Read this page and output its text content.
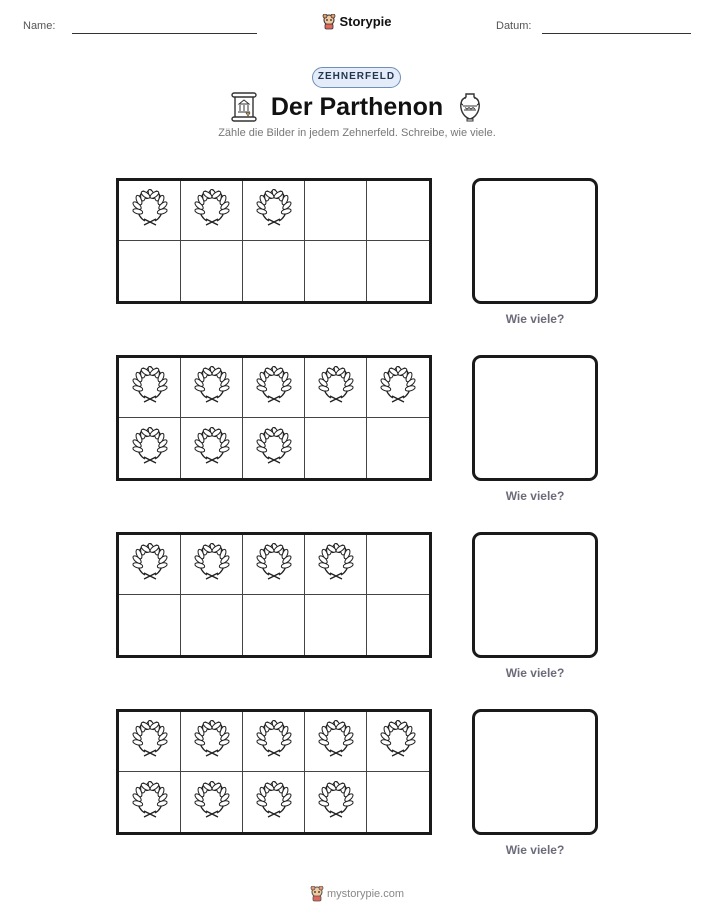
Name:	Storypie	Datum:
ZEHNERFELD
Der Parthenon
Zähle die Bilder in jedem Zehnerfeld. Schreibe, wie viele.
Wie viele?
Wie viele?
Wie viele?
Wie viele?
mystorypie.com
